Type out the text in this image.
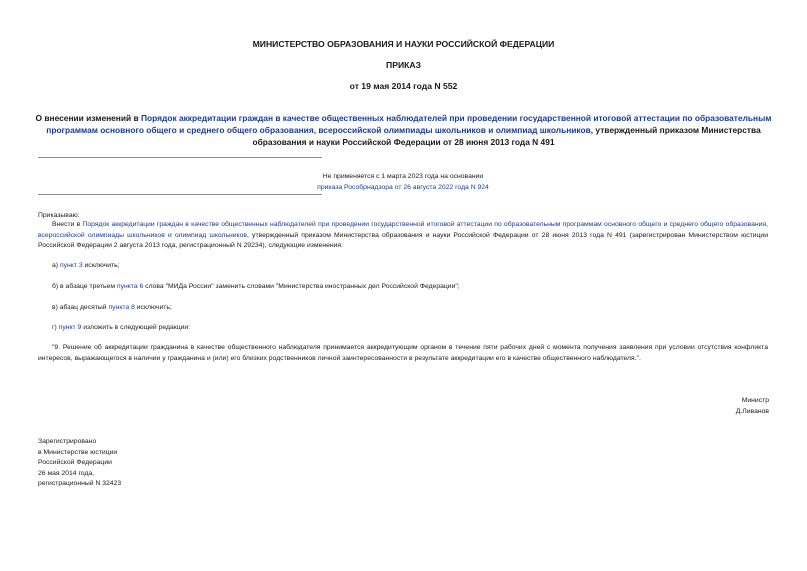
МИНИСТЕРСТВО ОБРАЗОВАНИЯ И НАУКИ РОССИЙСКОЙ ФЕДЕРАЦИИ
ПРИКАЗ
от 19 мая 2014 года N 552
О внесении изменений в Порядок аккредитации граждан в качестве общественных наблюдателей при проведении государственной итоговой аттестации по образовательным программам основного общего и среднего общего образования, всероссийской олимпиады школьников и олимпиад школьников, утвержденный приказом Министерства образования и науки Российской Федерации от 28 июня 2013 года N 491
Не применяется с 1 марта 2023 года на основании
приказа Рособрнадзора от 26 августа 2022 года N 924
Приказываю:
Внести в Порядок аккредитации граждан в качестве общественных наблюдателей при проведении государственной итоговой аттестации по образовательным программам основного общего и среднего общего образования, всероссийской олимпиады школьников и олимпиад школьников, утвержденный приказом Министерства образования и науки Российской Федерации от 28 июня 2013 года N 491 (зарегистрирован Министерством юстиции Российской Федерации 2 августа 2013 года, регистрационный N 29234), следующие изменения:
а) пункт 3 исключить;
б) в абзаце третьем пункта 6 слова "МИДа России" заменить словами "Министерства иностранных дел Российской Федерации";
в) абзац десятый пункта 8 исключить;
г) пункт 9 изложить в следующей редакции:
"9. Решение об аккредитации гражданина в качестве общественного наблюдателя принимается аккредитующим органом в течение пяти рабочих дней с момента получения заявления при условии отсутствия конфликта интересов, выражающегося в наличии у гражданина и (или) его близких родственников личной заинтересованности в результате аккредитации его в качестве общественного наблюдателя.".
Министр
Д.Ливанов
Зарегистрировано
в Министерстве юстиции
Российской Федерации
26 мая 2014 года,
регистрационный N 32423
